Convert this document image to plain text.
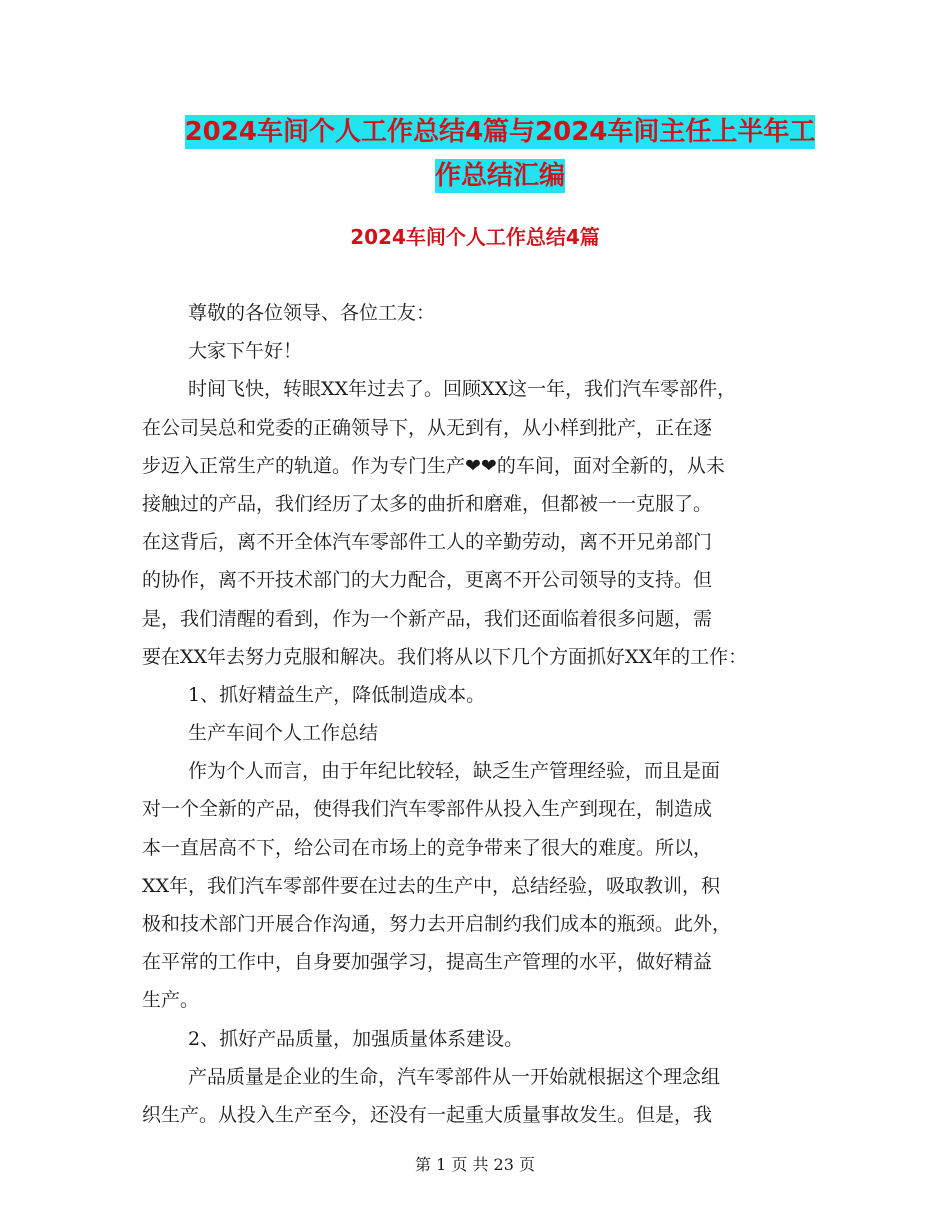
2024车间个人工作总结4篇与2024车间主任上半年工
作总结汇编
2024车间个人工作总结4篇
尊敬的各位领导、各位工友：
大家下午好！
时间飞快，转眼XX年过去了。回顾XX这一年，我们汽车零部件，
在公司吴总和党委的正确领导下，从无到有，从小样到批产，正在逐
步迈入正常生产的轨道。作为专门生产❤❤的车间，面对全新的，从未
接触过的产品，我们经历了太多的曲折和磨难，但都被一一克服了。
在这背后，离不开全体汽车零部件工人的辛勤劳动，离不开兄弟部门
的协作，离不开技术部门的大力配合，更离不开公司领导的支持。但
是，我们清醒的看到，作为一个新产品，我们还面临着很多问题，需
要在XX年去努力克服和解决。我们将从以下几个方面抓好XX年的工作：
1、抓好精益生产，降低制造成本。
生产车间个人工作总结
作为个人而言，由于年纪比较轻，缺乏生产管理经验，而且是面
对一个全新的产品，使得我们汽车零部件从投入生产到现在，制造成
本一直居高不下，给公司在市场上的竞争带来了很大的难度。所以，
XX年，我们汽车零部件要在过去的生产中，总结经验，吸取教训，积
极和技术部门开展合作沟通，努力去开启制约我们成本的瓶颈。此外，
在平常的工作中，自身要加强学习，提高生产管理的水平，做好精益
生产。
2、抓好产品质量，加强质量体系建设。
产品质量是企业的生命，汽车零部件从一开始就根据这个理念组
织生产。从投入生产至今，还没有一起重大质量事故发生。但是，我
第 1 页 共 23 页
